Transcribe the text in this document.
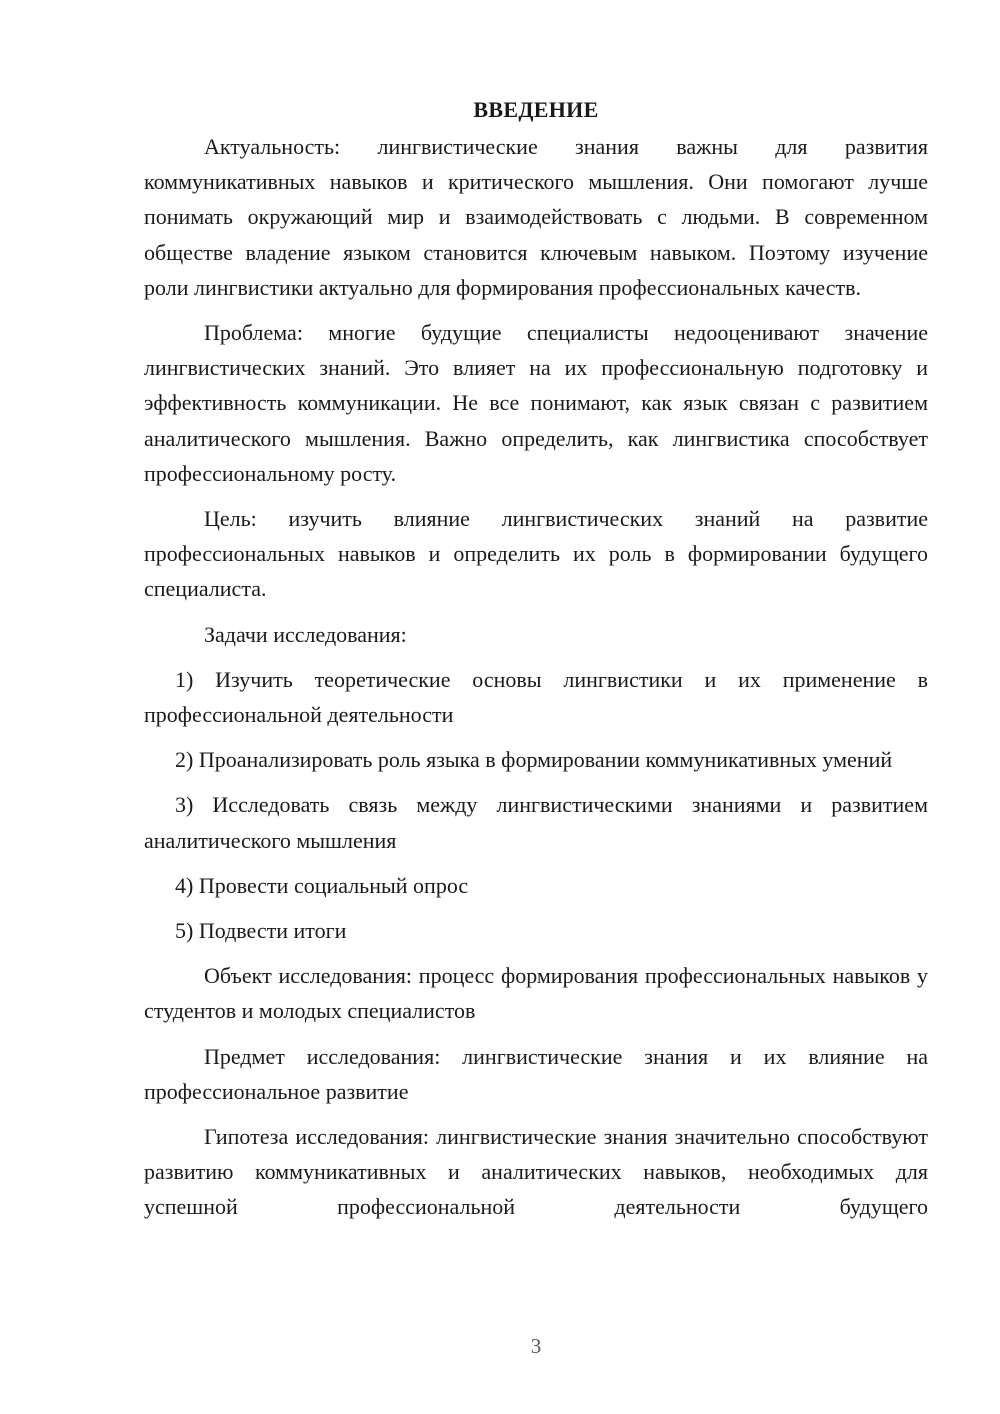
ВВЕДЕНИЕ

Актуальность: лингвистические знания важны для развития коммуникативных навыков и критического мышления. Они помогают лучше понимать окружающий мир и взаимодействовать с людьми. В современном обществе владение языком становится ключевым навыком. Поэтому изучение роли лингвистики актуально для формирования профессиональных качеств.

Проблема: многие будущие специалисты недооценивают значение лингвистических знаний. Это влияет на их профессиональную подготовку и эффективность коммуникации. Не все понимают, как язык связан с развитием аналитического мышления. Важно определить, как лингвистика способствует профессиональному росту.

Цель: изучить влияние лингвистических знаний на развитие профессиональных навыков и определить их роль в формировании будущего специалиста.

Задачи исследования:

1) Изучить теоретические основы лингвистики и их применение в профессиональной деятельности

2) Проанализировать роль языка в формировании коммуникативных умений

3) Исследовать связь между лингвистическими знаниями и развитием аналитического мышления

4) Провести социальный опрос

5) Подвести итоги

Объект исследования: процесс формирования профессиональных навыков у студентов и молодых специалистов

Предмет исследования: лингвистические знания и их влияние на профессиональное развитие

Гипотеза исследования: лингвистические знания значительно способствуют развитию коммуникативных и аналитических навыков, необходимых для успешной профессиональной деятельности будущего

3
